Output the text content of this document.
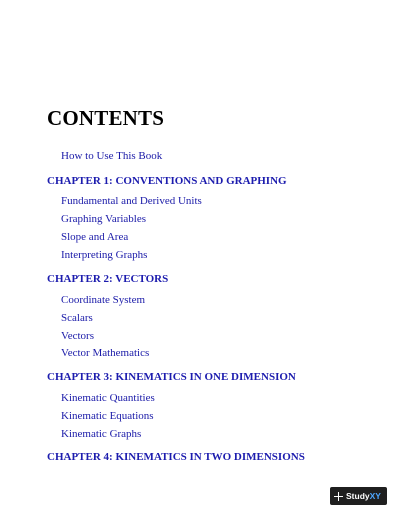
CONTENTS
How to Use This Book
CHAPTER 1: CONVENTIONS AND GRAPHING
Fundamental and Derived Units
Graphing Variables
Slope and Area
Interpreting Graphs
CHAPTER 2: VECTORS
Coordinate System
Scalars
Vectors
Vector Mathematics
CHAPTER 3: KINEMATICS IN ONE DIMENSION
Kinematic Quantities
Kinematic Equations
Kinematic Graphs
CHAPTER 4: KINEMATICS IN TWO DIMENSIONS
Study XY
